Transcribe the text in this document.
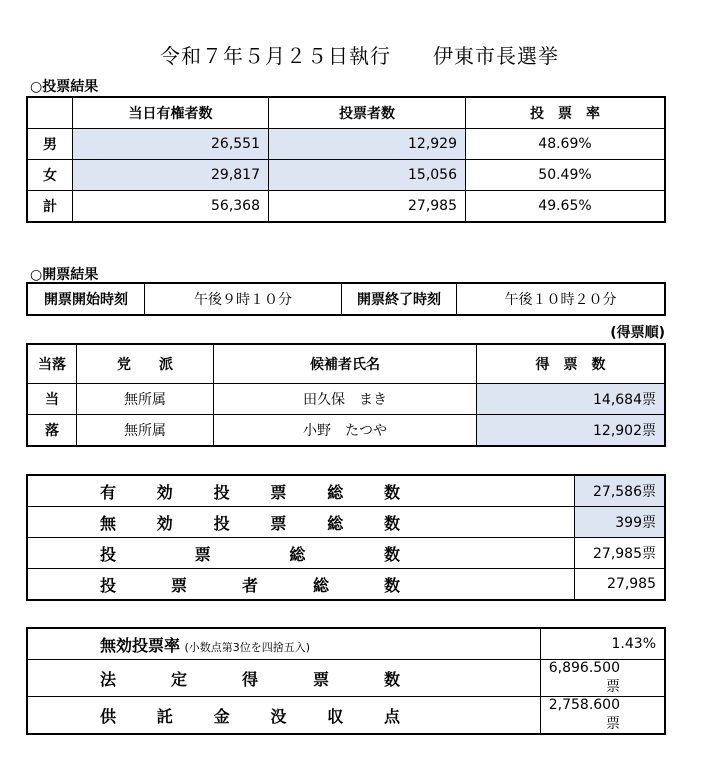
令和７年５月２５日執行　　伊東市長選挙
○投票結果
	当日有権者数	投票者数	投　票　率
男	26,551	12,929	48.69%
女	29,817	15,056	50.49%
計	56,368	27,985	49.65%
○開票結果
開票開始時刻	午後９時１０分	開票終了時刻	午後１０時２０分
(得票順)
当落	党　　派	候補者氏名	得　票　数
当	無所属	田久保　まき	14,684票
落	無所属	小野　たつや	12,902票
有効投票総数	27,586票

無効投票総数	399票

投票総数	27,985票

投票者総数	27,985
無効投票率 (小数点第3位を四捨五入)	1.43%

法定得票数	6,896.500票

供託金没収点	2,758.600票
